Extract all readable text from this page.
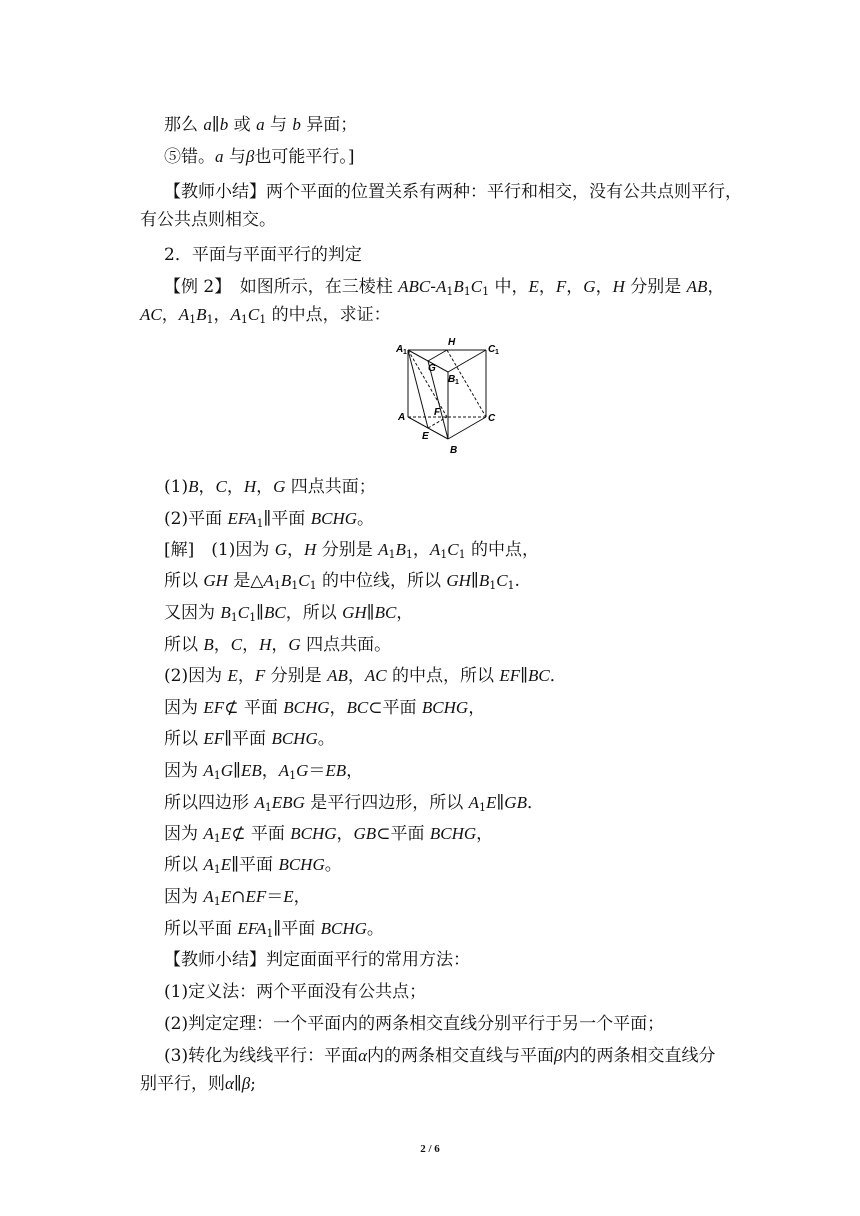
那么 a∥b 或 a 与 b 异面；
⑤错。a 与β也可能平行。]
【教师小结】两个平面的位置关系有两种：平行和相交，没有公共点则平行，
有公共点则相交。
2．平面与平面平行的判定
【例 2】　如图所示，在三棱柱 ABC-$A_1B_1C_1$ 中，E，F，G，H 分别是 AB，
AC，$A_1B_1$，$A_1C_1$ 的中点，求证：
A 1
H
C 1
G
B 1
A	F
C
E
B
(1)B，C，H，G 四点共面；
(2)平面 $EFA_1\parallel$平面 BCHG。
[解]　(1)因为 G，H 分别是 $A_1B_1$，$A_1C_1$ 的中点，
所以 GH 是$\triangle A_1B_1C_1$ 的中位线，所以 $GH\parallel B_1C_1$.
又因为 $B_1C_1\parallel BC$，所以 GH∥BC，
所以 B，C，H，G 四点共面。
(2)因为 E，F 分别是 AB，AC 的中点，所以 EF∥BC．
因为 EF⊄ 平面 BCHG，BC⊂平面 BCHG，
所以 EF∥平面 BCHG。
因为 $A_1G\parallel EB$，$A_1G=EB$，
所以四边形 $A_1EBG$ 是平行四边形，所以 $A_1E\parallel GB$．
因为 $A_1E⊄$ 平面 BCHG，GB⊂平面 BCHG，
所以 $A_1E\parallel$平面 BCHG。
因为 $A_1E\cap EF=E$，
所以平面 $EFA_1\parallel$平面 BCHG。
【教师小结】判定面面平行的常用方法：
(1)定义法：两个平面没有公共点；
(2)判定定理：一个平面内的两条相交直线分别平行于另一个平面；
(3)转化为线线平行：平面α内的两条相交直线与平面β内的两条相交直线分
别平行，则α∥β;
2 / 6
